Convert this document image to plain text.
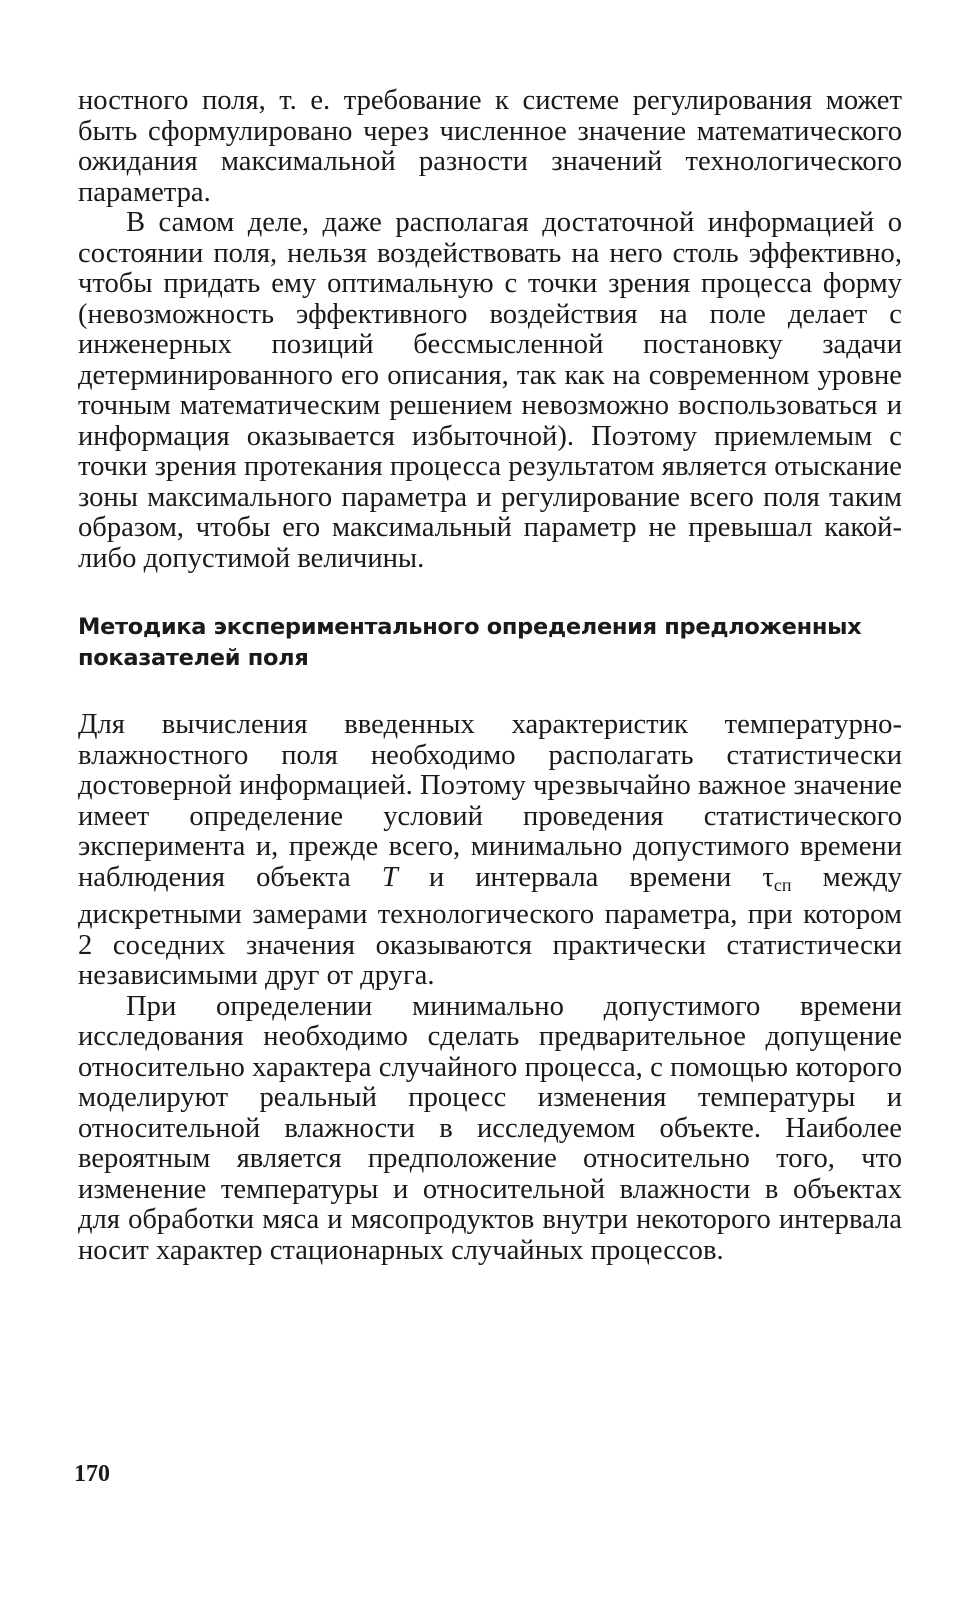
ностного поля, т. е. требование к системе регулирования может быть сформулировано через численное значение математического ожидания максимальной разности значений технологического параметра.

В самом деле, даже располагая достаточной информацией о состоянии поля, нельзя воздействовать на него столь эффективно, чтобы придать ему оптимальную с точки зрения процесса форму (невозможность эффективного воздействия на поле делает с инженерных позиций бессмысленной постановку задачи детерминированного его описания, так как на современном уровне точным математическим решением невозможно воспользоваться и информация оказывается избыточной). Поэтому приемлемым с точки зрения протекания процесса результатом является отыскание зоны максимального параметра и регулирование всего поля таким образом, чтобы его максимальный параметр не превышал какой-либо допустимой величины.

Методика экспериментального определения предложенных показателей поля

Для вычисления введенных характеристик температурно-влажностного поля необходимо располагать статистически достоверной информацией. Поэтому чрезвычайно важное значение имеет определение условий проведения статистического эксперимента и, прежде всего, минимально допустимого времени наблюдения объекта T и интервала времени $\tau_{сп}$ между дискретными замерами технологического параметра, при котором 2 соседних значения оказываются практически статистически независимыми друг от друга.

При определении минимально допустимого времени исследования необходимо сделать предварительное допущение относительно характера случайного процесса, с помощью которого моделируют реальный процесс изменения температуры и относительной влажности в исследуемом объекте. Наиболее вероятным является предположение относительно того, что изменение температуры и относительной влажности в объектах для обработки мяса и мясопродуктов внутри некоторого интервала носит характер стационарных случайных процессов.

170
